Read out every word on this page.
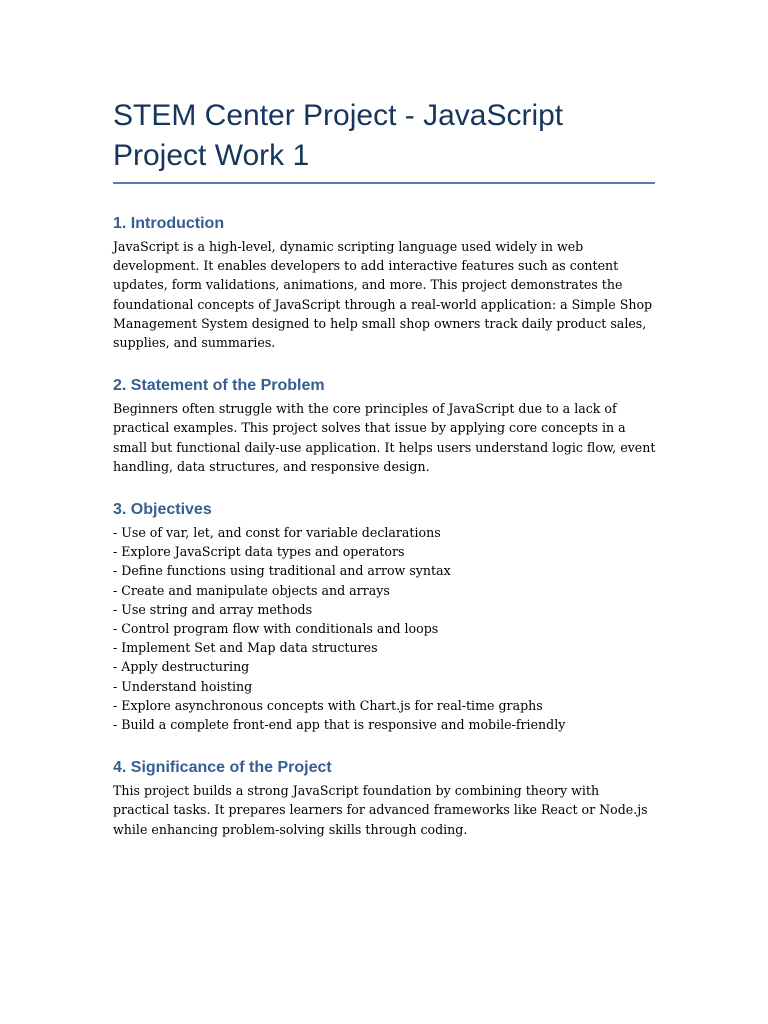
STEM Center Project - JavaScript Project Work 1
1. Introduction

JavaScript is a high-level, dynamic scripting language used widely in web development. It enables developers to add interactive features such as content updates, form validations, animations, and more. This project demonstrates the foundational concepts of JavaScript through a real-world application: a Simple Shop Management System designed to help small shop owners track daily product sales, supplies, and summaries.

2. Statement of the Problem

Beginners often struggle with the core principles of JavaScript due to a lack of practical examples. This project solves that issue by applying core concepts in a small but functional daily-use application. It helps users understand logic flow, event handling, data structures, and responsive design.

3. Objectives
- Use of var, let, and const for variable declarations
- Explore JavaScript data types and operators
- Define functions using traditional and arrow syntax
- Create and manipulate objects and arrays
- Use string and array methods
- Control program flow with conditionals and loops
- Implement Set and Map data structures
- Apply destructuring
- Understand hoisting
- Explore asynchronous concepts with Chart.js for real-time graphs
- Build a complete front-end app that is responsive and mobile-friendly
4. Significance of the Project

This project builds a strong JavaScript foundation by combining theory with practical tasks. It prepares learners for advanced frameworks like React or Node.js while enhancing problem-solving skills through coding.
